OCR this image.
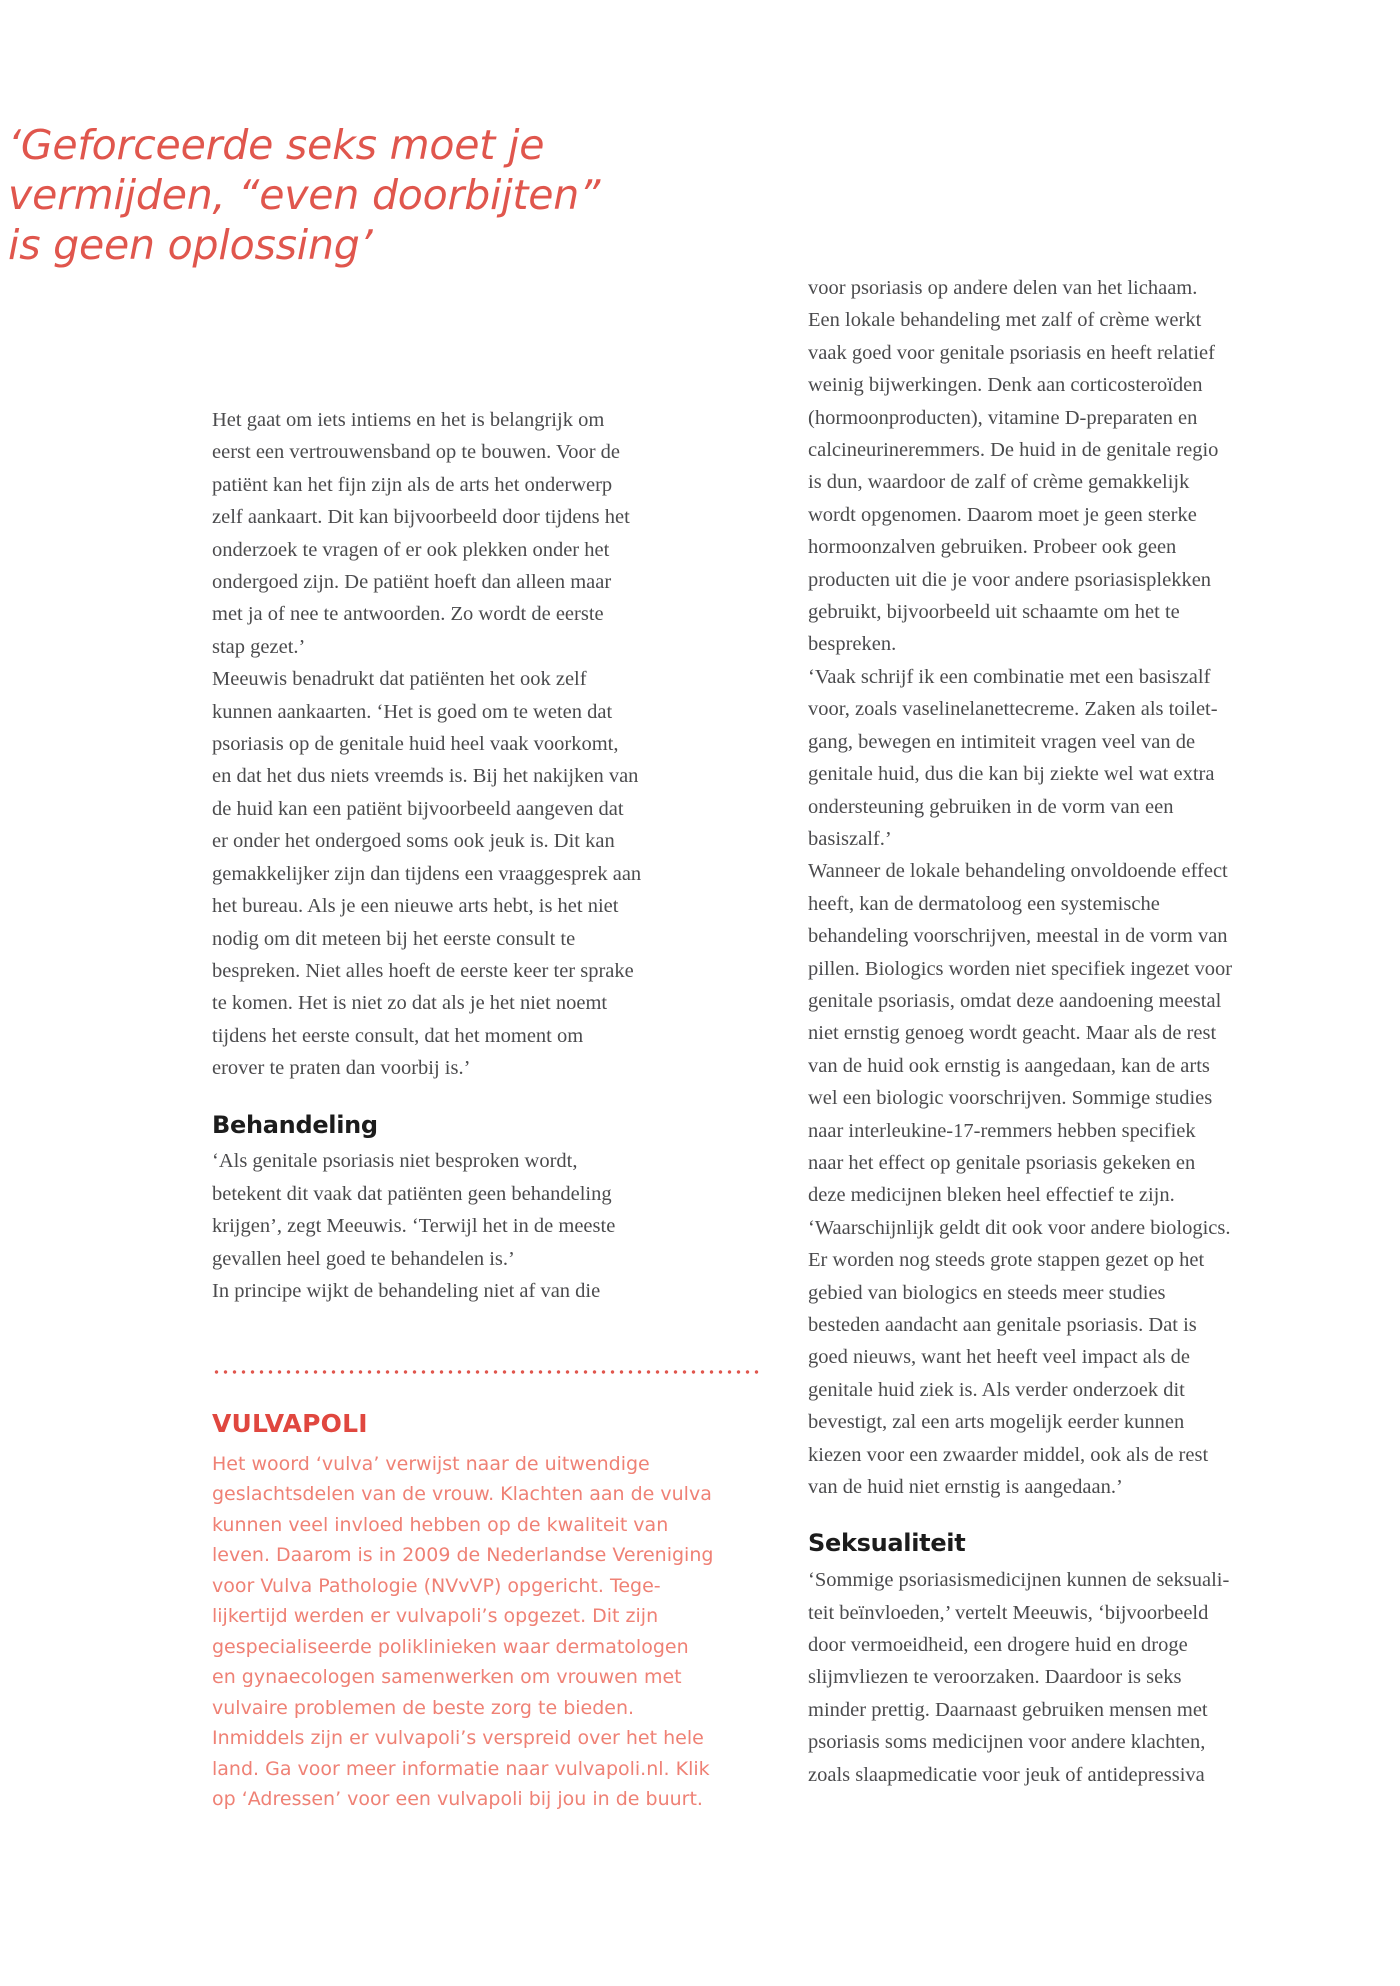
‘Geforceerde seks moet je
vermijden, “even doorbijten”
is geen oplossing’

Het gaat om iets intiems en het is belangrijk om
eerst een vertrouwensband op te bouwen. Voor de
patiënt kan het fijn zijn als de arts het onderwerp
zelf aankaart. Dit kan bijvoorbeeld door tijdens het
onderzoek te vragen of er ook plekken onder het
ondergoed zijn. De patiënt hoeft dan alleen maar
met ja of nee te antwoorden. Zo wordt de eerste
stap gezet.’

Meeuwis benadrukt dat patiënten het ook zelf
kunnen aankaarten. ‘Het is goed om te weten dat
psoriasis op de genitale huid heel vaak voorkomt,
en dat het dus niets vreemds is. Bij het nakijken van
de huid kan een patiënt bijvoorbeeld aangeven dat
er onder het ondergoed soms ook jeuk is. Dit kan
gemakkelijker zijn dan tijdens een vraaggesprek aan
het bureau. Als je een nieuwe arts hebt, is het niet
nodig om dit meteen bij het eerste consult te
bespreken. Niet alles hoeft de eerste keer ter sprake
te komen. Het is niet zo dat als je het niet noemt
tijdens het eerste consult, dat het moment om
erover te praten dan voorbij is.’

Behandeling

‘Als genitale psoriasis niet besproken wordt,
betekent dit vaak dat patiënten geen behandeling
krijgen’, zegt Meeuwis. ‘Terwijl het in de meeste
gevallen heel goed te behandelen is.’

In principe wijkt de behandeling niet af van die

VULVAPOLI
Het woord ‘vulva’ verwijst naar de uitwendige
geslachtsdelen van de vrouw. Klachten aan de vulva
kunnen veel invloed hebben op de kwaliteit van
leven. Daarom is in 2009 de Nederlandse Vereniging
voor Vulva Pathologie (NVvVP) opgericht. Tege-
lijkertijd werden er vulvapoli’s opgezet. Dit zijn
gespecialiseerde poliklinieken waar dermatologen
en gynaecologen samenwerken om vrouwen met
vulvaire problemen de beste zorg te bieden.
Inmiddels zijn er vulvapoli’s verspreid over het hele
land. Ga voor meer informatie naar vulvapoli.nl. Klik
op ‘Adressen’ voor een vulvapoli bij jou in de buurt.

voor psoriasis op andere delen van het lichaam.
Een lokale behandeling met zalf of crème werkt
vaak goed voor genitale psoriasis en heeft relatief
weinig bijwerkingen. Denk aan corticosteroïden
(hormoonproducten), vitamine D-preparaten en
calcineurineremmers. De huid in de genitale regio
is dun, waardoor de zalf of crème gemakkelijk
wordt opgenomen. Daarom moet je geen sterke
hormoonzalven gebruiken. Probeer ook geen
producten uit die je voor andere psoriasisplekken
gebruikt, bijvoorbeeld uit schaamte om het te
bespreken.

‘Vaak schrijf ik een combinatie met een basiszalf
voor, zoals vaselinelanettecreme. Zaken als toilet-
gang, bewegen en intimiteit vragen veel van de
genitale huid, dus die kan bij ziekte wel wat extra
ondersteuning gebruiken in de vorm van een
basiszalf.’

Wanneer de lokale behandeling onvoldoende effect
heeft, kan de dermatoloog een systemische
behandeling voorschrijven, meestal in de vorm van
pillen. Biologics worden niet specifiek ingezet voor
genitale psoriasis, omdat deze aandoening meestal
niet ernstig genoeg wordt geacht. Maar als de rest
van de huid ook ernstig is aangedaan, kan de arts
wel een biologic voorschrijven. Sommige studies
naar interleukine-17-remmers hebben specifiek
naar het effect op genitale psoriasis gekeken en
deze medicijnen bleken heel effectief te zijn.

‘Waarschijnlijk geldt dit ook voor andere biologics.
Er worden nog steeds grote stappen gezet op het
gebied van biologics en steeds meer studies
besteden aandacht aan genitale psoriasis. Dat is
goed nieuws, want het heeft veel impact als de
genitale huid ziek is. Als verder onderzoek dit
bevestigt, zal een arts mogelijk eerder kunnen
kiezen voor een zwaarder middel, ook als de rest
van de huid niet ernstig is aangedaan.’

Seksualiteit

‘Sommige psoriasismedicijnen kunnen de seksuali-
teit beïnvloeden,’ vertelt Meeuwis, ‘bijvoorbeeld
door vermoeidheid, een drogere huid en droge
slijmvliezen te veroorzaken. Daardoor is seks
minder prettig. Daarnaast gebruiken mensen met
psoriasis soms medicijnen voor andere klachten,
zoals slaapmedicatie voor jeuk of antidepressiva
